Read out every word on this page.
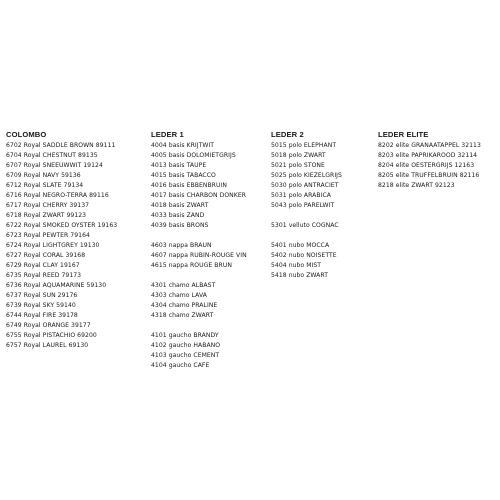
COLOMBO
6702 Royal SADDLE BROWN 89111
6704 Royal CHESTNUT 89135
6707 Royal SNEEUWWIT 19124
6709 Royal NAVY 59136
6712 Royal SLATE 79134
6716 Royal NEGRO-TERRA 89116
6717 Royal CHERRY 39137
6718 Royal ZWART 99123
6722 Royal SMOKED OYSTER 19163
6723 Royal PEWTER 79164
6724 Royal LIGHTGREY 19130
6727 Royal CORAL 39168
6729 Royal CLAY 19167
6735 Royal REED 79173
6736 Royal AQUAMARINE 59130
6737 Royal SUN 29176
6739 Royal SKY 59140
6744 Royal FIRE 39178
6749 Royal ORANGE 39177
6755 Royal PISTACHIO 69200
6757 Royal LAUREL 69130
LEDER 1
4004 basis KRIJTWIT
4005 basis DOLOMIETGRIJS
4013 basis TAUPE
4015 basis TABACCO
4016 basis EBBENBRUIN
4017 basis CHARBON DONKER
4018 basis ZWART
4033 basis ZAND
4039 basis BRONS
4603 nappa BRAUN
4607 nappa RUBIN-ROUGE VIN
4615 nappa ROUGE BRUN
4301 chamo ALBAST
4303 chamo LAVA
4304 chamo PRALINE
4318 chamo ZWART
4101 gaucho BRANDY
4102 gaucho HABANO
4103 gaucho CEMENT
4104 gaucho CAFE
LEDER 2
5015 polo ELEPHANT
5018 polo ZWART
5021 polo STONE
5025 polo KIEZELGRIJS
5030 polo ANTRACIET
5031 polo ARABICA
5043 polo PARELWIT
5301 velluto COGNAC
5401 nubo MOCCA
5402 nubo NOISETTE
5404 nubo MIST
5418 nubo ZWART
LEDER ELITE
8202 elite GRANAATAPPEL 32113
8203 elite PAPRIKAROOD 32114
8204 elite OESTERGRIJS 12163
8205 elite TRUFFELBRUIN 82116
8218 elite ZWART 92123
